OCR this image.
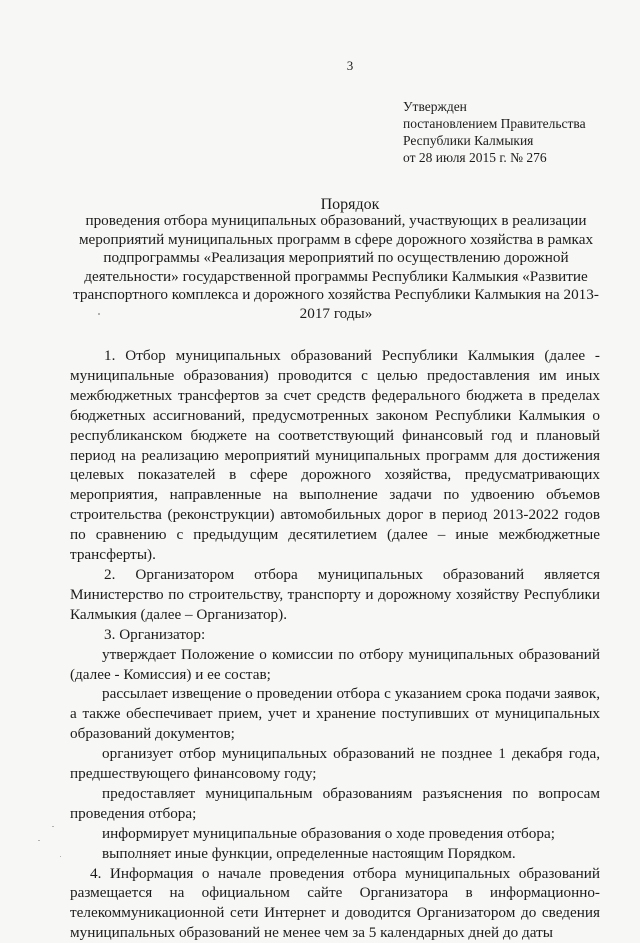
3
Утвержден
постановлением Правительства
Республики Калмыкия
от 28 июля 2015 г. № 276
Порядок
проведения отбора муниципальных образований, участвующих в реализации
мероприятий муниципальных программ в сфере дорожного хозяйства в рамках
подпрограммы «Реализация мероприятий по осуществлению дорожной
деятельности» государственной программы Республики Калмыкия «Развитие
транспортного комплекса и дорожного хозяйства Республики Калмыкия на 2013-
2017 годы»

1. Отбор муниципальных образований Республики Калмыкия (далее - муниципальные образования) проводится с целью предоставления им иных межбюджетных трансфертов за счет средств федерального бюджета в пределах бюджетных ассигнований, предусмотренных законом Республики Калмыкия о республиканском бюджете на соответствующий финансовый год и плановый период на реализацию мероприятий муниципальных программ для достижения целевых показателей в сфере дорожного хозяйства, предусматривающих мероприятия, направленные на выполнение задачи по удвоению объемов строительства (реконструкции) автомобильных дорог в период 2013-2022 годов по сравнению с предыдущим десятилетием (далее – иные межбюджетные трансферты).

2. Организатором отбора муниципальных образований является Министерство по строительству, транспорту и дорожному хозяйству Республики Калмыкия (далее – Организатор).

3. Организатор:

утверждает Положение о комиссии по отбору муниципальных образований (далее - Комиссия) и ее состав;

рассылает извещение о проведении отбора с указанием срока подачи заявок, а также обеспечивает прием, учет и хранение поступивших от муниципальных образований документов;

организует отбор муниципальных образований не позднее 1 декабря года, предшествующего финансовому году;

предоставляет муниципальным образованиям разъяснения по вопросам проведения отбора;

информирует муниципальные образования о ходе проведения отбора;

выполняет иные функции, определенные настоящим Порядком.

4. Информация о начале проведения отбора муниципальных образований размещается на официальном сайте Организатора в информационно-телекоммуникационной сети Интернет и доводится Организатором до сведения муниципальных образований не менее чем за 5 календарных дней до даты
